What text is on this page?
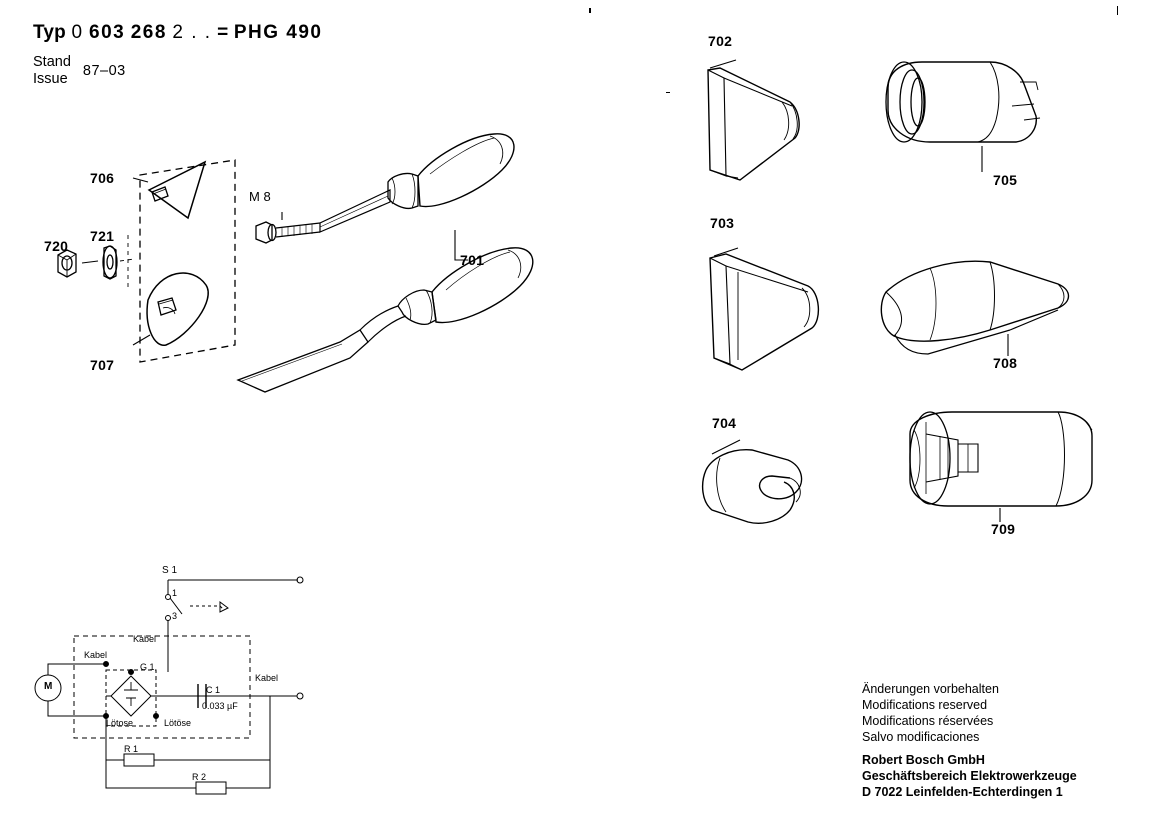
Typ 0 603 268 2 . . = PHG 490
Stand
Issue 87–03
706
707
720
721
701
M 8
702
703
704
705
708
709
S 1
1
3
Kabel
Kabel
Kabel
G 1
M	C 1
0.033 µF
Lötose	Lötöse
R 1
R 2
Änderungen vorbehalten
Modifications reserved
Modifications réservées
Salvo modificaciones
Robert Bosch GmbH
Geschäftsbereich Elektrowerkzeuge
D 7022 Leinfelden-Echterdingen 1
